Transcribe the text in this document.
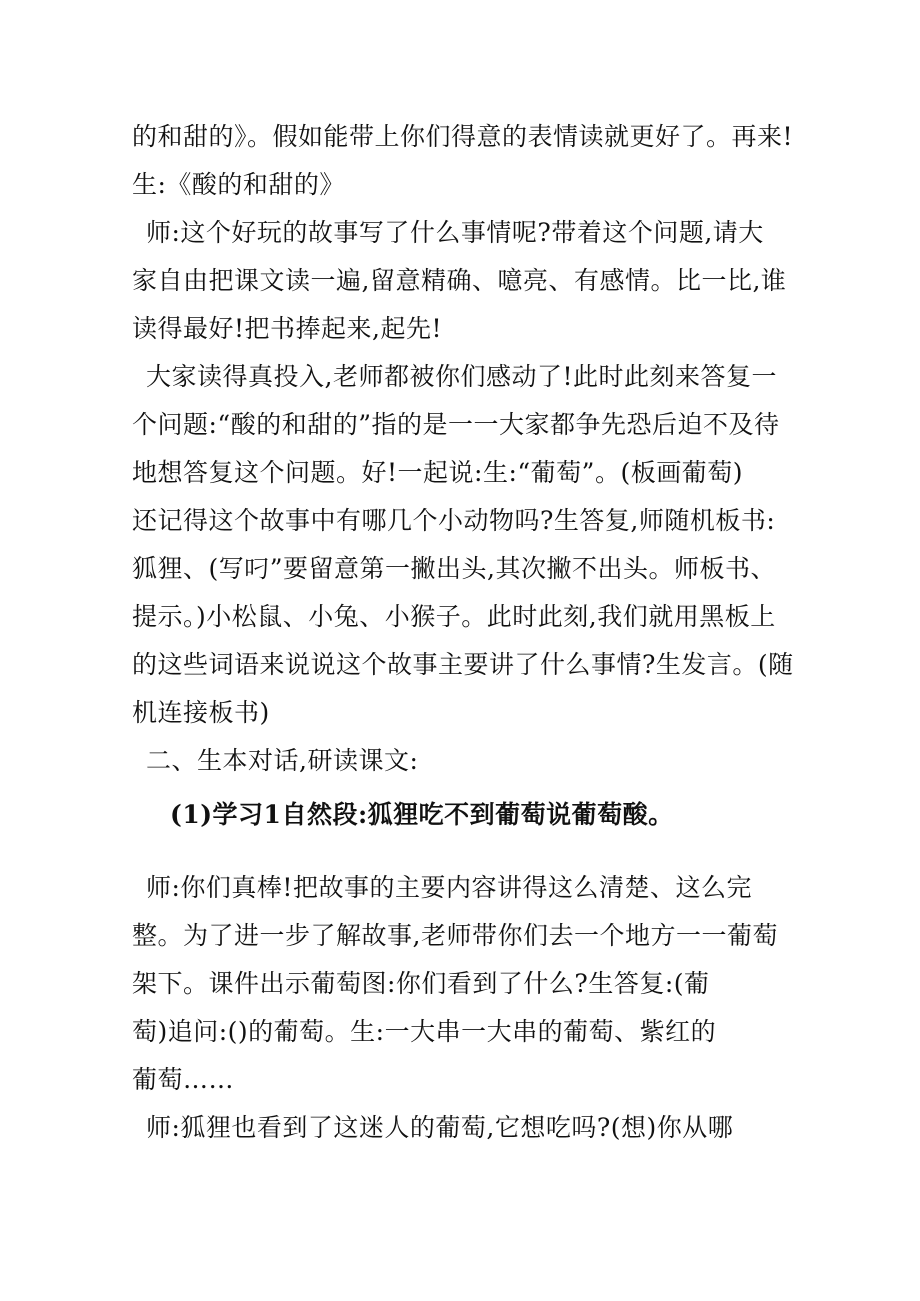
的和甜的》。假如能带上你们得意的表情读就更好了。再来!
生:《酸的和甜的》
师:这个好玩的故事写了什么事情呢?带着这个问题,请大
家自由把课文读一遍,留意精确、噫亮、有感情。比一比,谁
读得最好!把书捧起来,起先!
大家读得真投入,老师都被你们感动了!此时此刻来答复一
个问题:“酸的和甜的”指的是一一大家都争先恐后迫不及待
地想答复这个问题。好!一起说:生:“葡萄”。(板画葡萄)
还记得这个故事中有哪几个小动物吗?生答复,师随机板书:
狐狸、(写叼”要留意第一撇出头,其次撇不出头。师板书、
提示。)小松鼠、小兔、小猴子。此时此刻,我们就用黑板上
的这些词语来说说这个故事主要讲了什么事情?生发言。(随
机连接板书)
二、生本对话,研读课文:
(1)学习1自然段:狐狸吃不到葡萄说葡萄酸。
师:你们真棒!把故事的主要内容讲得这么清楚、这么完
整。为了进一步了解故事,老师带你们去一个地方一一葡萄
架下。课件出示葡萄图:你们看到了什么?生答复:(葡
萄)追问:()的葡萄。生:一大串一大串的葡萄、紫红的
葡萄……
师:狐狸也看到了这迷人的葡萄,它想吃吗?(想)你从哪
